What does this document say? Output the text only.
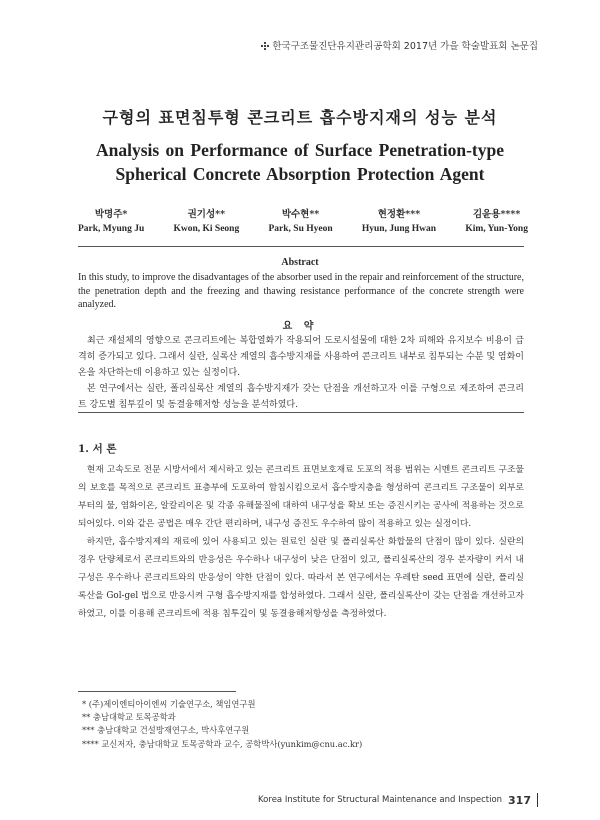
한국구조물진단유지관리공학회 2017년 가을 학술발표회 논문집
구형의 표면침투형 콘크리트 흡수방지재의 성능 분석
Analysis on Performance of Surface Penetration-type
Spherical Concrete Absorption Protection Agent
박명주*
Park, Myung Ju
권기성**
Kwon, Ki Seong
박수현**
Park, Su Hyeon
현정환***
Hyun, Jung Hwan
김윤용****
Kim, Yun-Yong
Abstract
In this study, to improve the disadvantages of the absorber used in the repair and reinforcement of the structure, the penetration depth and the freezing and thawing resistance performance of the concrete strength were analyzed.
요 약

최근 재설체의 영향으로 콘크리트에는 복합열화가 작용되어 도로시설물에 대한 2차 피해와 유지보수 비용이 급격히 증가되고 있다. 그래서 실란, 실록산 계열의 흡수방지재를 사용하여 콘크리트 내부로 침투되는 수분 및 염화이온을 차단하는데 이용하고 있는 실정이다.

본 연구에서는 실란, 폴리실록산 계열의 흡수방지재가 갖는 단점을 개선하고자 이를 구형으로 제조하여 콘크리트 강도별 침투깊이 및 동결융해저항 성능을 분석하였다.

1. 서 론

현재 고속도로 전문 시방서에서 제시하고 있는 콘크리트 표면보호재료 도포의 적용 범위는 시멘트 콘크리트 구조물의 보호를 목적으로 콘크리트 표층부에 도포하여 함침시킴으로서 흡수방지층을 형성하여 콘크리트 구조물이 외부로부터의 물, 염화이온, 알칼리이온 및 각종 유해물질에 대하여 내구성을 확보 또는 증진시키는 공사에 적용하는 것으로 되어있다. 이와 같은 공법은 매우 간단 편리하며, 내구성 증진도 우수하여 많이 적용하고 있는 실정이다.

하지만, 흡수방지제의 재료에 있어 사용되고 있는 원료인 실란 및 폴리실록산 화합물의 단점이 많이 있다. 실란의 경우 단량체로서 콘크리트와의 반응성은 우수하나 내구성이 낮은 단점이 있고, 폴리실록산의 경우 분자량이 커서 내구성은 우수하나 콘크리트와의 반응성이 약한 단점이 있다. 따라서 본 연구에서는 우레탄 seed 표면에 실란, 폴리실록산을 Gol-gel 법으로 반응시켜 구형 흡수방지재를 합성하였다. 그래서 실란, 폴리실록산이 갖는 단점을 개선하고자 하였고, 이를 이용해 콘크리트에 적용 침투깊이 및 동결융해저항성을 측정하였다.

* (주)제이엔티아이엔씨 기술연구소, 책임연구원
** 충남대학교 토목공학과
*** 충남대학교 건설방재연구소, 박사후연구원
**** 교신저자, 충남대학교 토목공학과 교수, 공학박사(yunkim@cnu.ac.kr)
Korea Institute for Structural Maintenance and Inspection 317
